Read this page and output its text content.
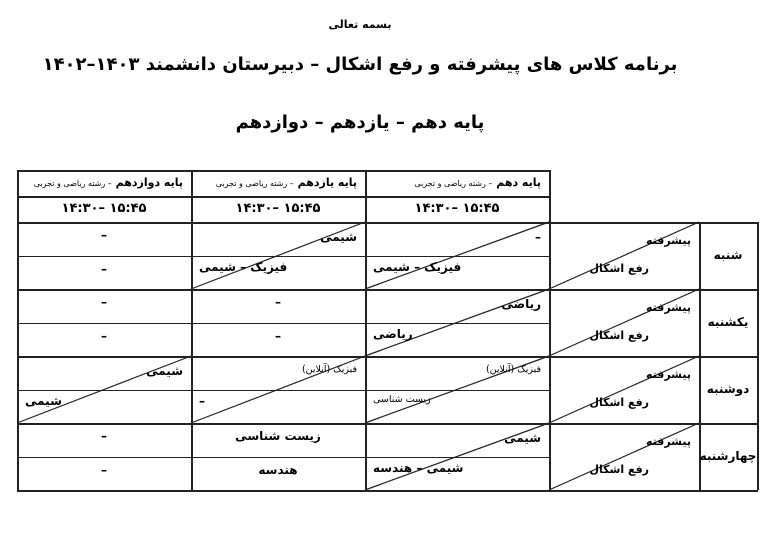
بسمه تعالی
برنامه کلاس های پیشرفته و رفع اشکال – دبیرستان دانشمند ۱۴۰۳–۱۴۰۲
پایه دهم – یازدهم – دوازدهم
پایه دهم – رشته ریاضی و تجربی
۱۴:۳۰– ۱۵:۴۵
پایه یازدهم – رشته ریاضی و تجربی
۱۴:۳۰– ۱۵:۴۵
پایه دوازدهم – رشته ریاضی و تجربی
۱۴:۳۰– ۱۵:۴۵
شنبه
پیشرفته
رفع اشکال
–
فیزیک – شیمی
شیمی
فیزیک – شیمی
–
–
یکشنبه
پیشرفته
رفع اشکال
ریاضی
ریاضی
–
–
–
–
دوشنبه
پیشرفته
رفع اشکال
فیزیک (آنلاین)
زیست شناسی
فیزیک (آنلاین)
–
شیمی
شیمی
چهارشنبه
پیشرفته
رفع اشکال
شیمی
شیمی – هندسه
زیست شناسی
هندسه
–
–
